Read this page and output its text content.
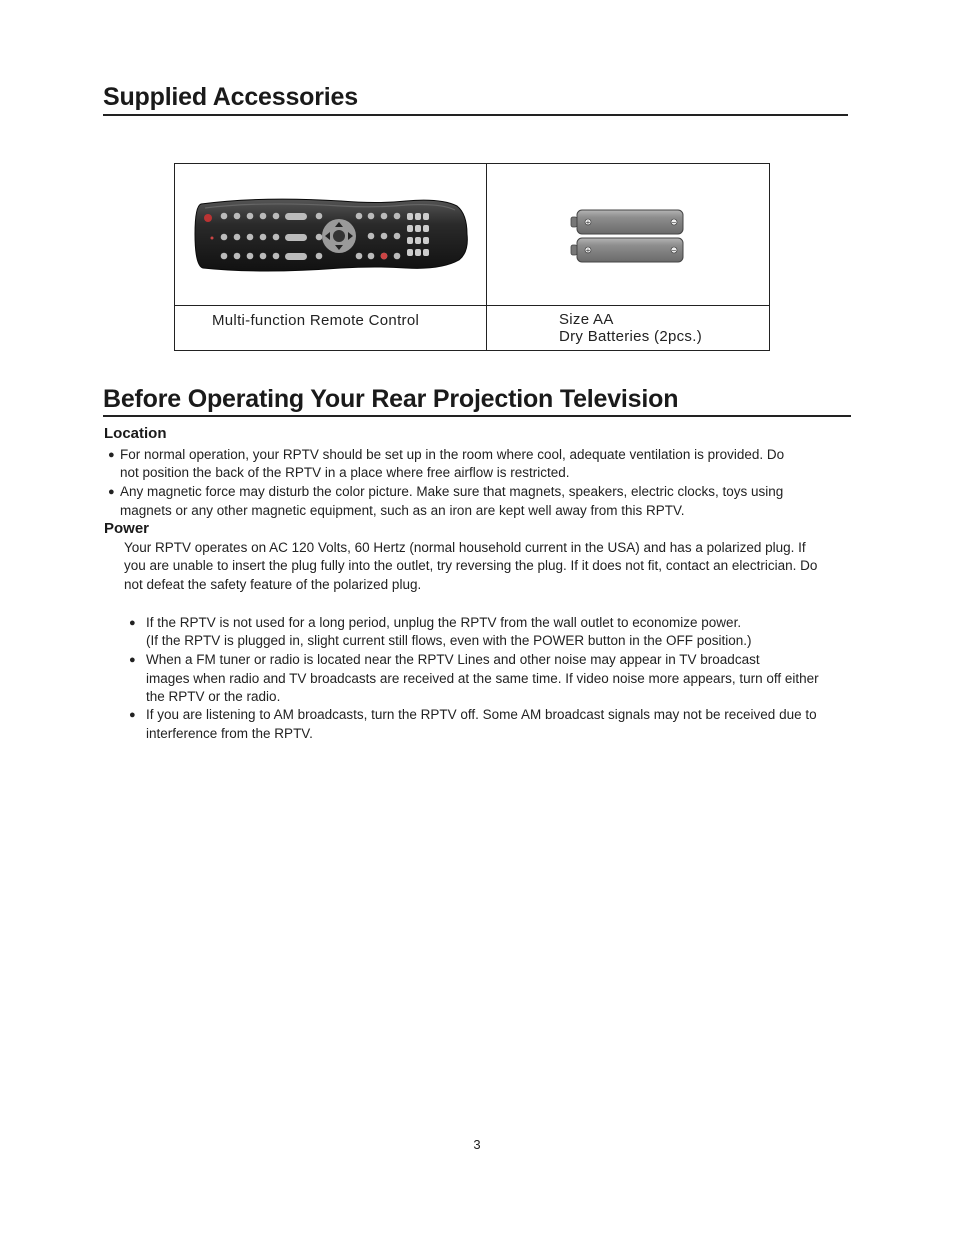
Supplied Accessories
+	−
+	−
Multi-function Remote Control	Size AA
Dry Batteries (2pcs.)
Before Operating Your Rear Projection Television
Location
● For normal operation, your RPTV should be set up in the room where cool, adequate ventilation is provided. Do
not position the back of the RPTV in a place where free airflow is restricted.
● Any magnetic force may disturb the color picture. Make sure that magnets, speakers, electric clocks, toys using
magnets or any other magnetic equipment, such as an iron are kept well away from this RPTV.
Power
Your RPTV operates on AC 120 Volts, 60 Hertz (normal household current in the USA) and has a polarized plug. If
you are unable to insert the plug fully into the outlet, try reversing the plug. If it does not fit, contact an electrician. Do
not defeat the safety feature of the polarized plug.
● If the RPTV is not used for a long period, unplug the RPTV from the wall outlet to economize power.
(If the RPTV is plugged in, slight current still flows, even with the POWER button in the OFF position.)
● When a FM tuner or radio is located near the RPTV Lines and other noise may appear in TV broadcast
images when radio and TV broadcasts are received at the same time. If video noise more appears, turn off either
the RPTV or the radio.
● If you are listening to AM broadcasts, turn the RPTV off. Some AM broadcast signals may not be received due to
interference from the RPTV.
3
